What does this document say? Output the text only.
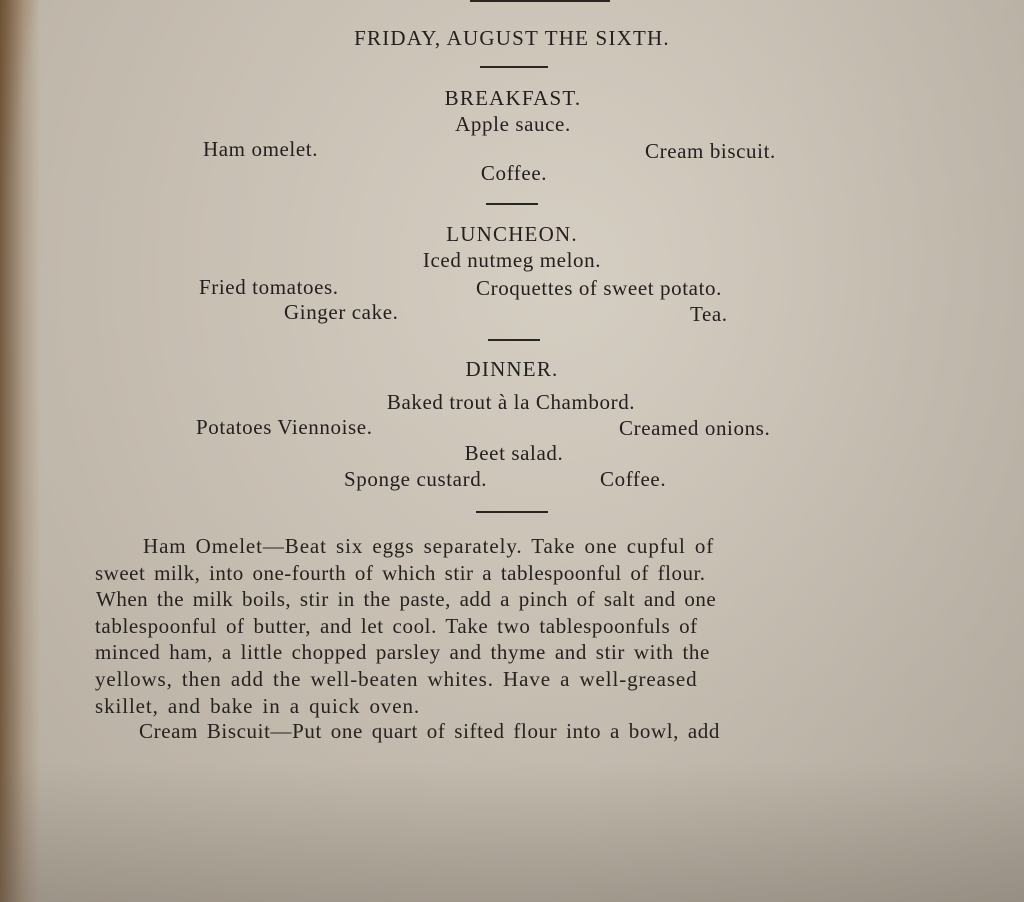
FRIDAY, AUGUST THE SIXTH.
BREAKFAST.
Apple sauce.
Ham omelet.	Cream biscuit.
Coffee.
LUNCHEON.
Iced nutmeg melon.
Fried tomatoes.	Croquettes of sweet potato.
Ginger cake.	Tea.
DINNER.
Baked trout à la Chambord.
Potatoes Viennoise.	Creamed onions.
Beet salad.
Sponge custard.	Coffee.
Ham Omelet—Beat six eggs separately. Take one cupful of
sweet milk, into one-fourth of which stir a tablespoonful of flour.
When the milk boils, stir in the paste, add a pinch of salt and one
tablespoonful of butter, and let cool. Take two tablespoonfuls of
minced ham, a little chopped parsley and thyme and stir with the
yellows, then add the well-beaten whites. Have a well-greased
skillet, and bake in a quick oven.
Cream Biscuit—Put one quart of sifted flour into a bowl, add
